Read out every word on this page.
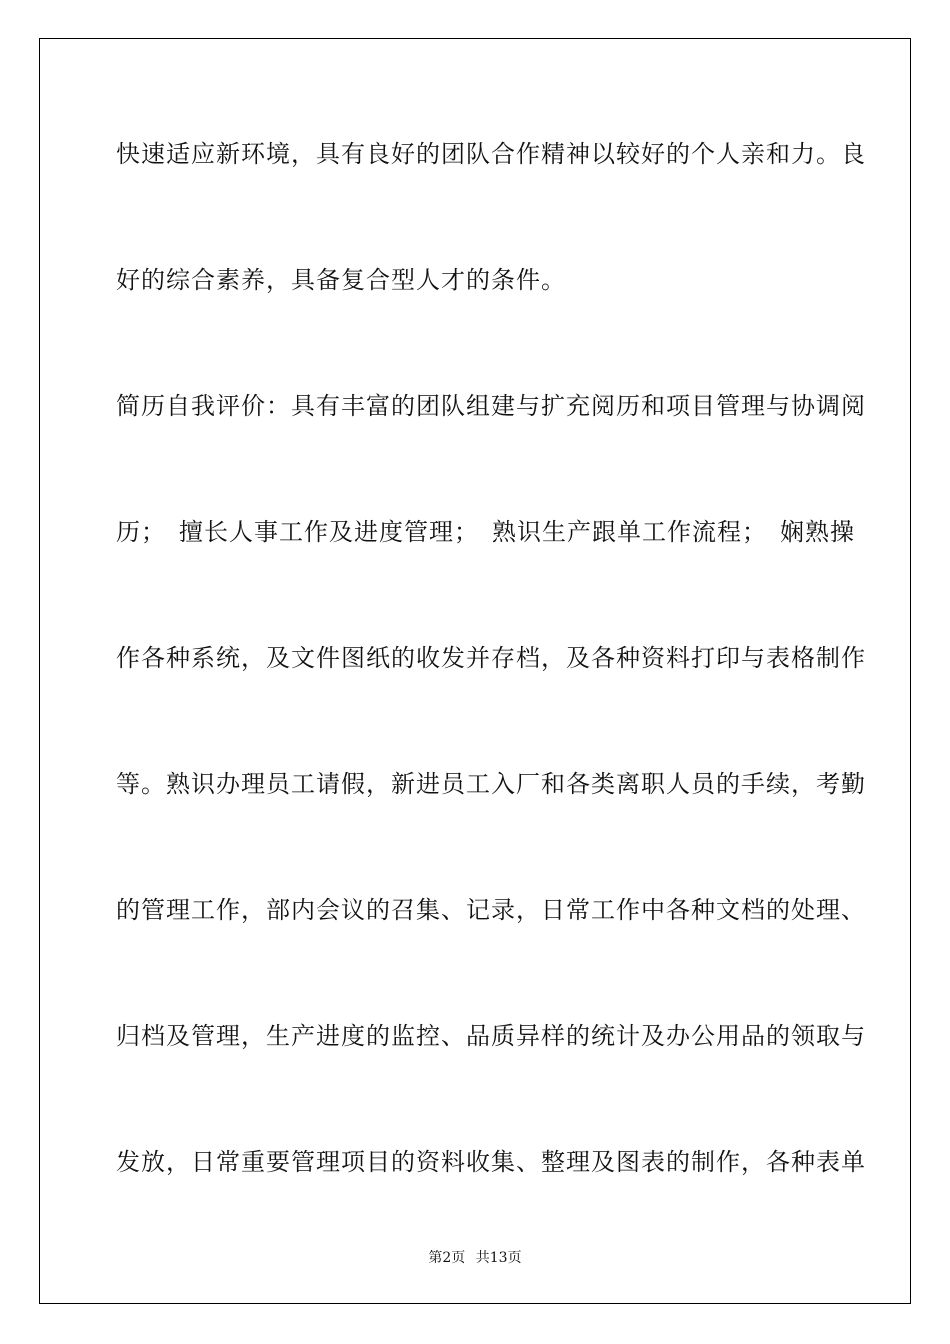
快速适应新环境，具有良好的团队合作精神以较好的个人亲和力。良

好的综合素养，具备复合型人才的条件。

简历自我评价：具有丰富的团队组建与扩充阅历和项目管理与协调阅

历；　擅长人事工作及进度管理；　熟识生产跟单工作流程；　娴熟操

作各种系统，及文件图纸的收发并存档，及各种资料打印与表格制作

等。熟识办理员工请假，新进员工入厂和各类离职人员的手续，考勤

的管理工作，部内会议的召集、记录，日常工作中各种文档的处理、

归档及管理，生产进度的监控、品质异样的统计及办公用品的领取与

发放，日常重要管理项目的资料收集、整理及图表的制作，各种表单

第2页 共13页
